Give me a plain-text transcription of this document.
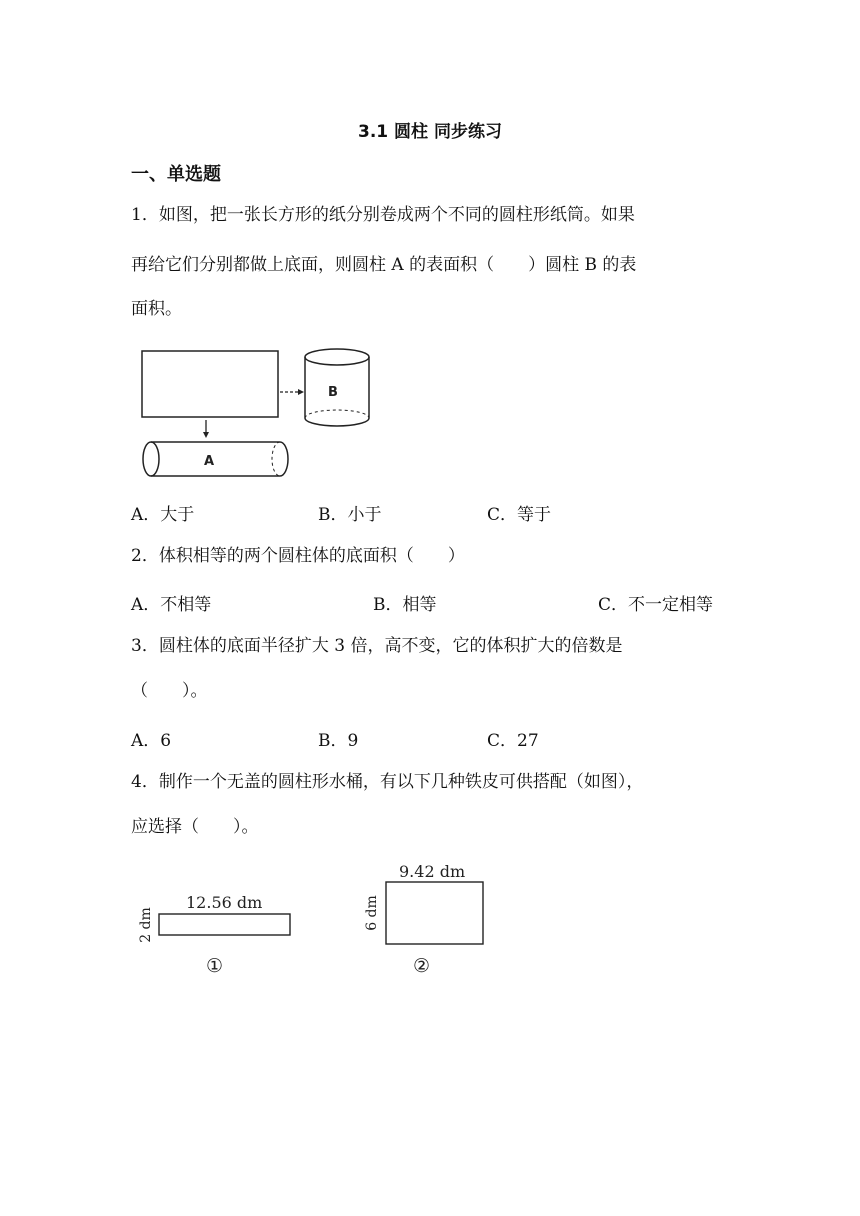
3.1 圆柱 同步练习
一、单选题
1．如图，把一张长方形的纸分别卷成两个不同的圆柱形纸筒。如果
再给它们分别都做上底面，则圆柱 A 的表面积（　　）圆柱 B 的表
面积。
B
A
A．大于	B．小于	C．等于
2．体积相等的两个圆柱体的底面积（　　）
A．不相等	B．相等	C．不一定相等
3．圆柱体的底面半径扩大 3 倍，高不变，它的体积扩大的倍数是
（　　）。
A．6	B．9	C．27
4．制作一个无盖的圆柱形水桶，有以下几种铁皮可供搭配（如图），
应选择（　　）。
12.56 dm
2 dm
①
9.42 dm
6 dm
②
